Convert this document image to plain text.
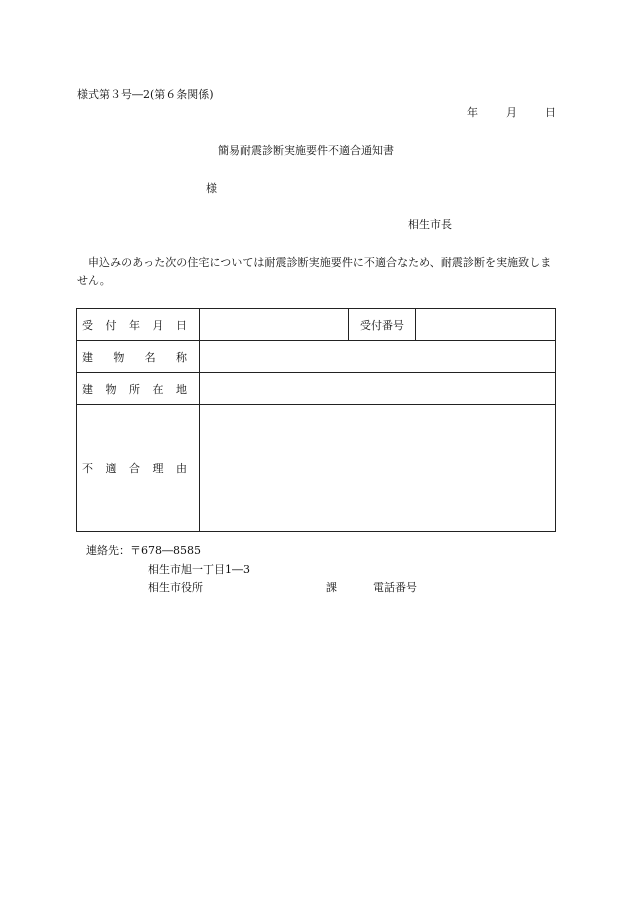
様式第３号―2(第６条関係)
年	月	日
簡易耐震診断実施要件不適合通知書
様
相生市長
申込みのあった次の住宅については耐震診断実施要件に不適合なため、耐震診断を実施致しません。
受 付 年 月 日		受付番号	

建 物 名 称			

建 物 所 在 地			

不 適 合 理 由			

連絡先：〒678―8585
相生市旭一丁目1―3
相生市役所	課	電話番号
